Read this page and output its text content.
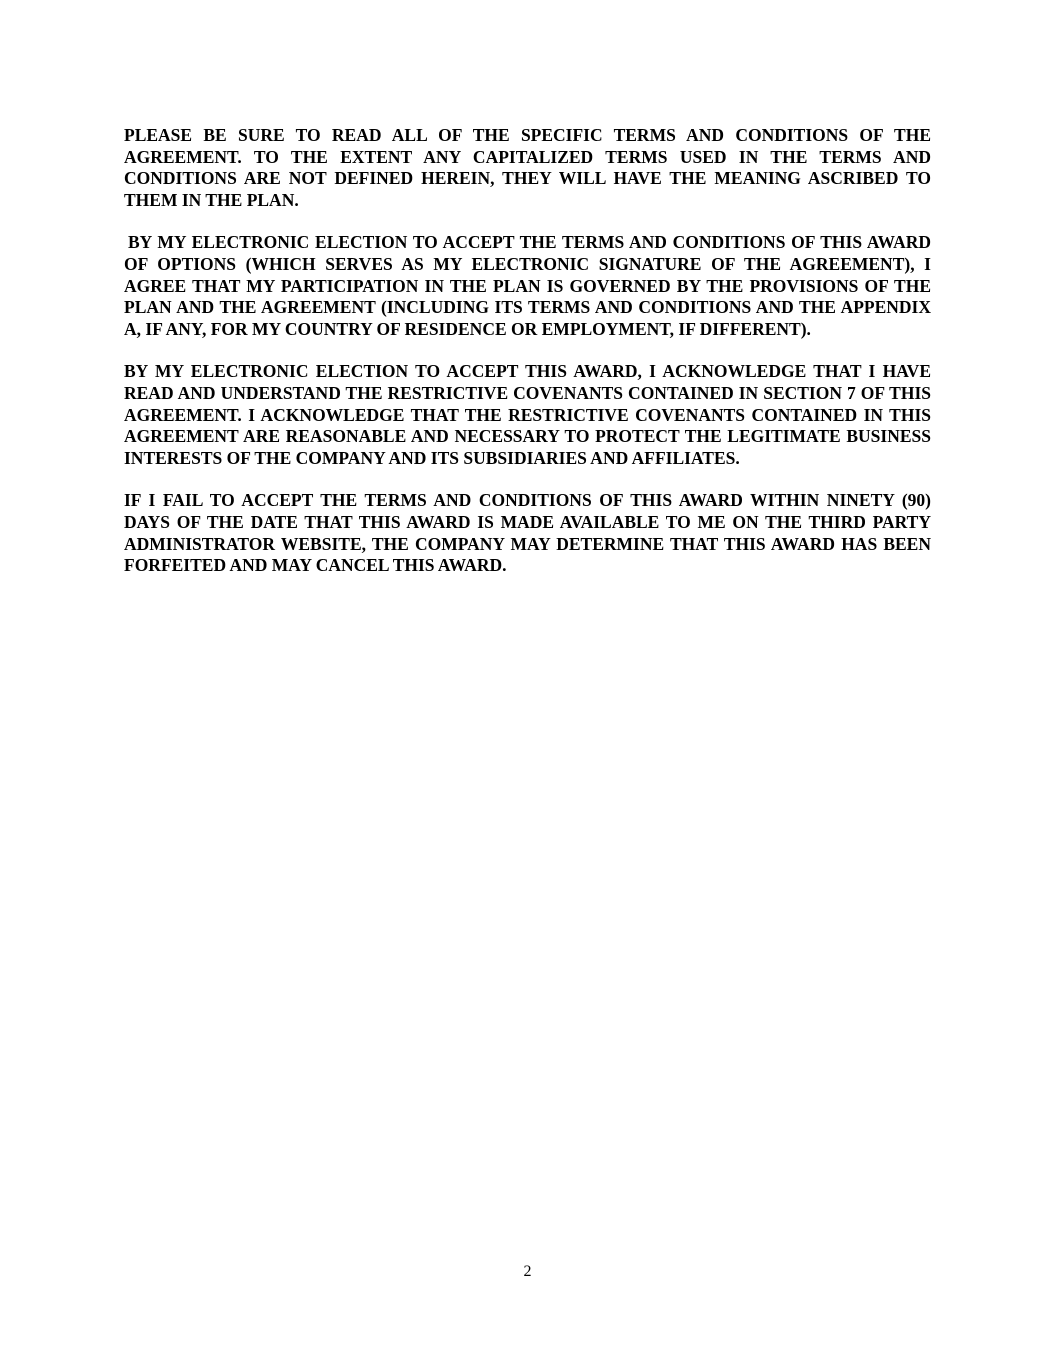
PLEASE BE SURE TO READ ALL OF THE SPECIFIC TERMS AND CONDITIONS OF THE AGREEMENT. TO THE EXTENT ANY CAPITALIZED TERMS USED IN THE TERMS AND CONDITIONS ARE NOT DEFINED HEREIN, THEY WILL HAVE THE MEANING ASCRIBED TO THEM IN THE PLAN.

BY MY ELECTRONIC ELECTION TO ACCEPT THE TERMS AND CONDITIONS OF THIS AWARD OF OPTIONS (WHICH SERVES AS MY ELECTRONIC SIGNATURE OF THE AGREEMENT), I AGREE THAT MY PARTICIPATION IN THE PLAN IS GOVERNED BY THE PROVISIONS OF THE PLAN AND THE AGREEMENT (INCLUDING ITS TERMS AND CONDITIONS AND THE APPENDIX A, IF ANY, FOR MY COUNTRY OF RESIDENCE OR EMPLOYMENT, IF DIFFERENT).

BY MY ELECTRONIC ELECTION TO ACCEPT THIS AWARD, I ACKNOWLEDGE THAT I HAVE READ AND UNDERSTAND THE RESTRICTIVE COVENANTS CONTAINED IN SECTION 7 OF THIS AGREEMENT. I ACKNOWLEDGE THAT THE RESTRICTIVE COVENANTS CONTAINED IN THIS AGREEMENT ARE REASONABLE AND NECESSARY TO PROTECT THE LEGITIMATE BUSINESS INTERESTS OF THE COMPANY AND ITS SUBSIDIARIES AND AFFILIATES.

IF I FAIL TO ACCEPT THE TERMS AND CONDITIONS OF THIS AWARD WITHIN NINETY (90) DAYS OF THE DATE THAT THIS AWARD IS MADE AVAILABLE TO ME ON THE THIRD PARTY ADMINISTRATOR WEBSITE, THE COMPANY MAY DETERMINE THAT THIS AWARD HAS BEEN FORFEITED AND MAY CANCEL THIS AWARD.

2
